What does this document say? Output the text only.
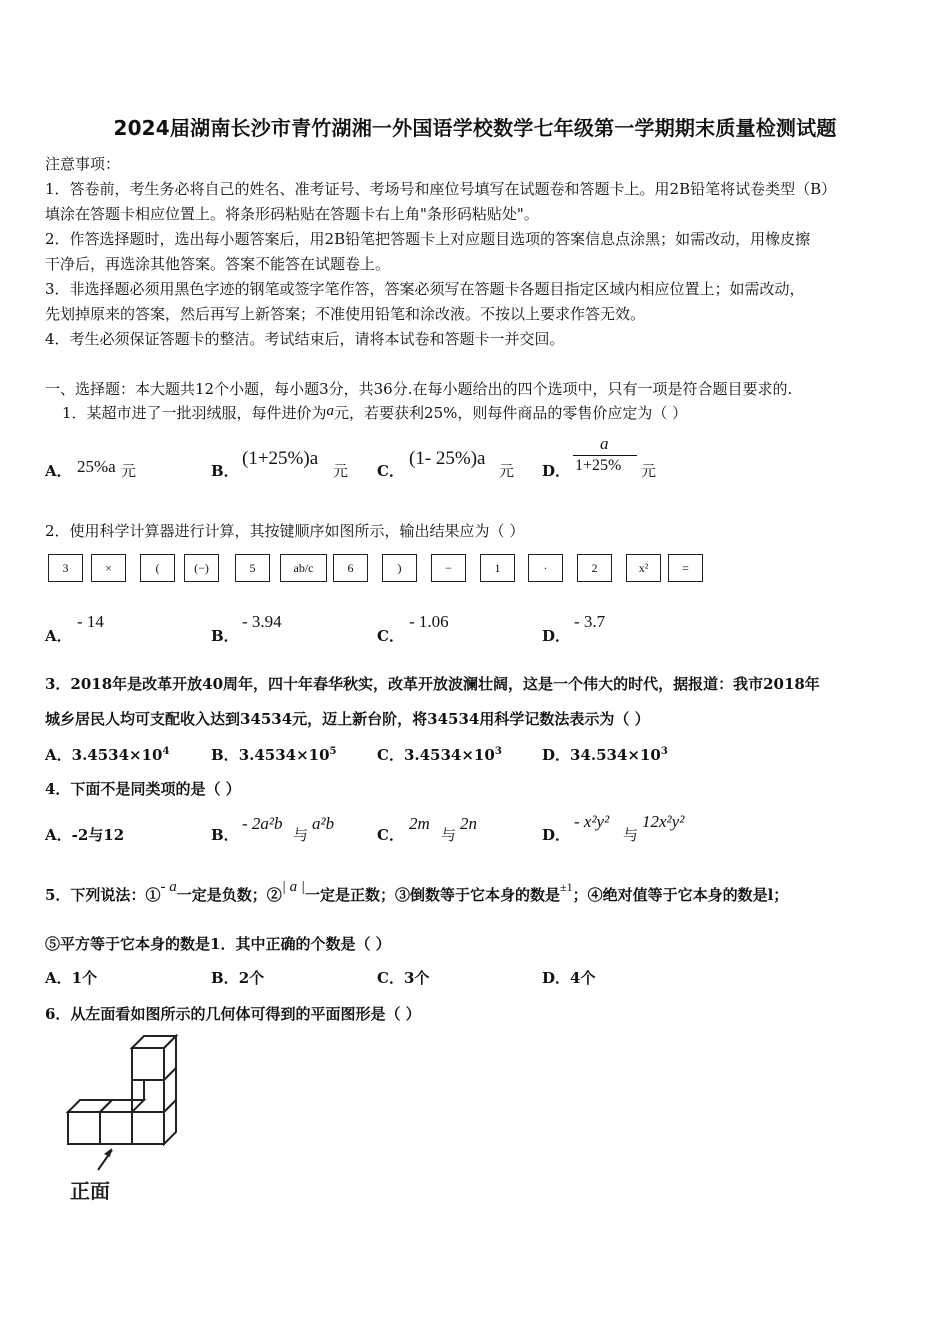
2024届湖南长沙市青竹湖湘一外国语学校数学七年级第一学期期末质量检测试题
注意事项：
1．答卷前，考生务必将自己的姓名、准考证号、考场号和座位号填写在试题卷和答题卡上。用2B铅笔将试卷类型（B）
填涂在答题卡相应位置上。将条形码粘贴在答题卡右上角"条形码粘贴处"。
2．作答选择题时，选出每小题答案后，用2B铅笔把答题卡上对应题目选项的答案信息点涂黑；如需改动，用橡皮擦
干净后，再选涂其他答案。答案不能答在试题卷上。
3．非选择题必须用黑色字迹的钢笔或签字笔作答，答案必须写在答题卡各题目指定区域内相应位置上；如需改动，
先划掉原来的答案，然后再写上新答案；不准使用铅笔和涂改液。不按以上要求作答无效。
4．考生必须保证答题卡的整洁。考试结束后，请将本试卷和答题卡一并交回。
一、选择题：本大题共12个小题，每小题3分，共36分.在每小题给出的四个选项中，只有一项是符合题目要求的.
1．某超市进了一批羽绒服，每件进价为a元，若要获利25%，则每件商品的零售价应定为（ ）
A． 25%a 元	B．
(1+25%)a
元 C．
(1- 25%)a
元 D．
a
1+25% 元
2．使用科学计算器进行计算，其按键顺序如图所示，输出结果应为（ ）
3	×	(	(−)	5	ab/c	6	)	−	1	·	2	x²	=
A．
- 14
B．
- 3.94
C．
- 1.06
D．
- 3.7
3．2018年是改革开放40周年，四十年春华秋实，改革开放波澜壮阔，这是一个伟大的时代，据报道：我市2018年
城乡居民人均可支配收入达到34534元，迈上新台阶，将34534用科学记数法表示为（ ）
A．$3.4534\times 10^4$	B．$3.4534\times 10^5$	C．$3.4534\times 10^3$	D．$34.534\times 10^3$
4．下面不是同类项的是（ ）
A．-2与12	B．
- 2a²b
与
a²b
C．
2m
与
2n
D．
- x²y²
与
12x²y²
5．下列说法：①- a一定是负数；②| a |一定是正数；③倒数等于它本身的数是$^{\pm 1}$；④绝对值等于它本身的数是l；
⑤平方等于它本身的数是1．其中正确的个数是（ ）
A．1个	B．2个	C．3个	D．4个
6．从左面看如图所示的几何体可得到的平面图形是（ ）
正面
